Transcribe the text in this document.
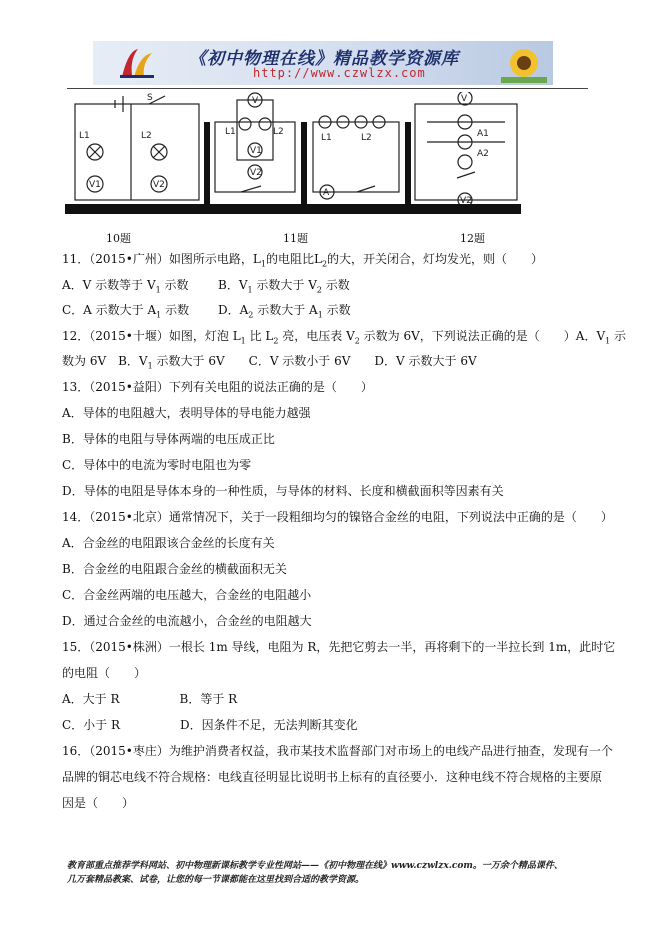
《初中物理在线》精品教学资源库
http://www.czwlzx.com
S
L1	L2
V1	V2
V
L1	L2
V1
V2
L1	L2
A
V
A1
A2
V2
10题	11题	12题
11．（2015•广州）如图所示电路，$L_1$的电阻比$L_2$的大，开关闭合，灯均发光，则（　　）
A．V 示数等于 $V_1$ 示数 B．$V_1$ 示数大于 $V_2$ 示数
C．A 示数大于 $A_1$ 示数 D．$A_2$ 示数大于 $A_1$ 示数
12．（2015•十堰）如图，灯泡 $L_1$ 比 $L_2$ 亮，电压表 $V_2$ 示数为 6V，下列说法正确的是（　　）A．$V_1$ 示
数为 6V　B．$V_1$ 示数大于 6V　　C．V 示数小于 6V　　D．V 示数大于 6V
13．（2015•益阳）下列有关电阻的说法正确的是（　　）
A．导体的电阻越大，表明导体的导电能力越强
B．导体的电阻与导体两端的电压成正比
C．导体中的电流为零时电阻也为零
D．导体的电阻是导体本身的一种性质，与导体的材料、长度和横截面积等因素有关
14．（2015•北京）通常情况下，关于一段粗细均匀的镍铬合金丝的电阻，下列说法中正确的是（　　）
A．合金丝的电阻跟该合金丝的长度有关
B．合金丝的电阻跟合金丝的横截面积无关
C．合金丝两端的电压越大，合金丝的电阻越小
D．通过合金丝的电流越小，合金丝的电阻越大
15．（2015•株洲）一根长 1m 导线，电阻为 R，先把它剪去一半，再将剩下的一半拉长到 1m，此时它
的电阻（　　）
A．大于 R　　　　　B．等于 R
C．小于 R　　　　　D．因条件不足，无法判断其变化
16．（2015•枣庄）为维护消费者权益，我市某技术监督部门对市场上的电线产品进行抽查，发现有一个
品牌的铜芯电线不符合规格：电线直径明显比说明书上标有的直径要小．这种电线不符合规格的主要原
因是（　　）
教育部重点推荐学科网站、初中物理新课标教学专业性网站——《初中物理在线》www.czwlzx.com。一万余个精品课件、
几万套精品教案、试卷，让您的每一节课都能在这里找到合适的教学资源。
